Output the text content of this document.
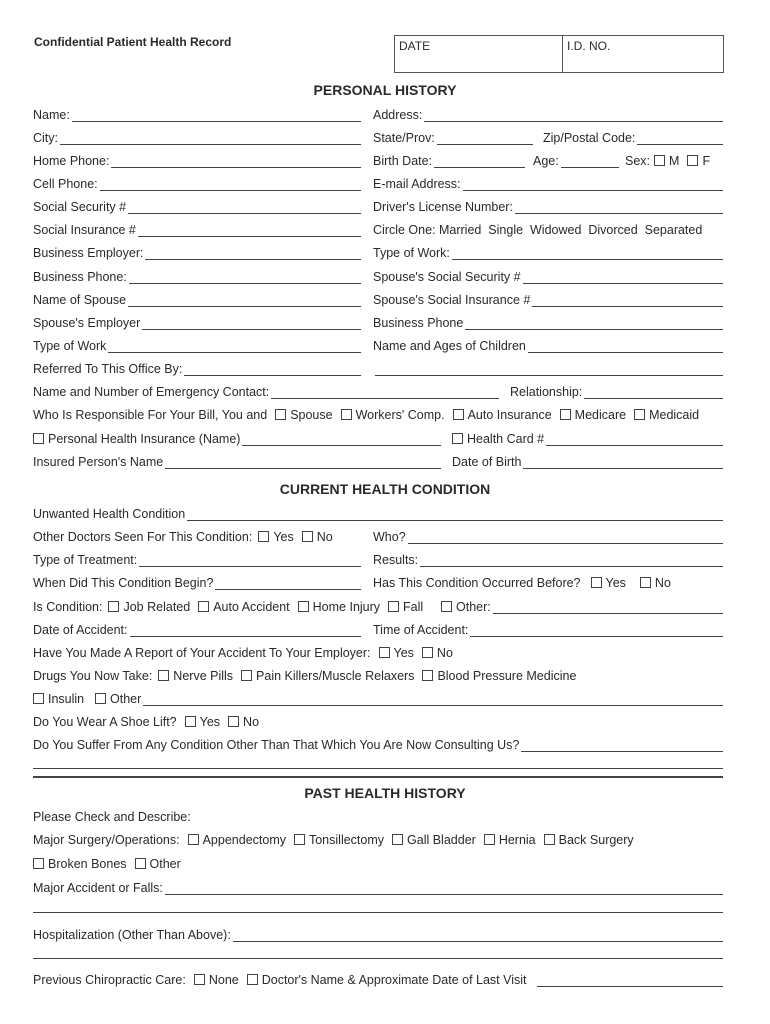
Confidential Patient Health Record	DATE	I.D. NO.
PERSONAL HISTORY
Name:	Address:
City:	State/Prov:	Zip/Postal Code:
Home Phone:	Birth Date:	Age:	Sex: M F
Cell Phone:	E-mail Address:
Social Security #	Driver's License Number:
Social Insurance #	Circle One: Married  Single  Widowed  Divorced  Separated
Business Employer:	Type of Work:
Business Phone:	Spouse's Social Security #
Name of Spouse	Spouse's Social Insurance #
Spouse's Employer	Business Phone
Type of Work	Name and Ages of Children
Referred To This Office By:
Name and Number of Emergency Contact:	Relationship:
Who Is Responsible For Your Bill, You and Spouse Workers' Comp. Auto Insurance Medicare Medicaid
Personal Health Insurance (Name)	Health Card #
Insured Person's Name	Date of Birth
CURRENT HEALTH CONDITION
Unwanted Health Condition
Other Doctors Seen For This Condition: Yes No	Who?
Type of Treatment:	Results:
When Did This Condition Begin?	Has This Condition Occurred Before? Yes No
Is Condition: Job Related Auto Accident Home Injury Fall	Other:
Date of Accident:	Time of Accident:
Have You Made A Report of Your Accident To Your Employer: Yes No
Drugs You Now Take: Nerve Pills Pain Killers/Muscle Relaxers Blood Pressure Medicine
Insulin Other
Do You Wear A Shoe Lift? Yes No
Do You Suffer From Any Condition Other Than That Which You Are Now Consulting Us?
PAST HEALTH HISTORY
Please Check and Describe:
Major Surgery/Operations: Appendectomy Tonsillectomy Gall Bladder Hernia Back Surgery
Broken Bones Other
Major Accident or Falls:
Hospitalization (Other Than Above):
Previous Chiropractic Care: None Doctor's Name & Approximate Date of Last Visit
